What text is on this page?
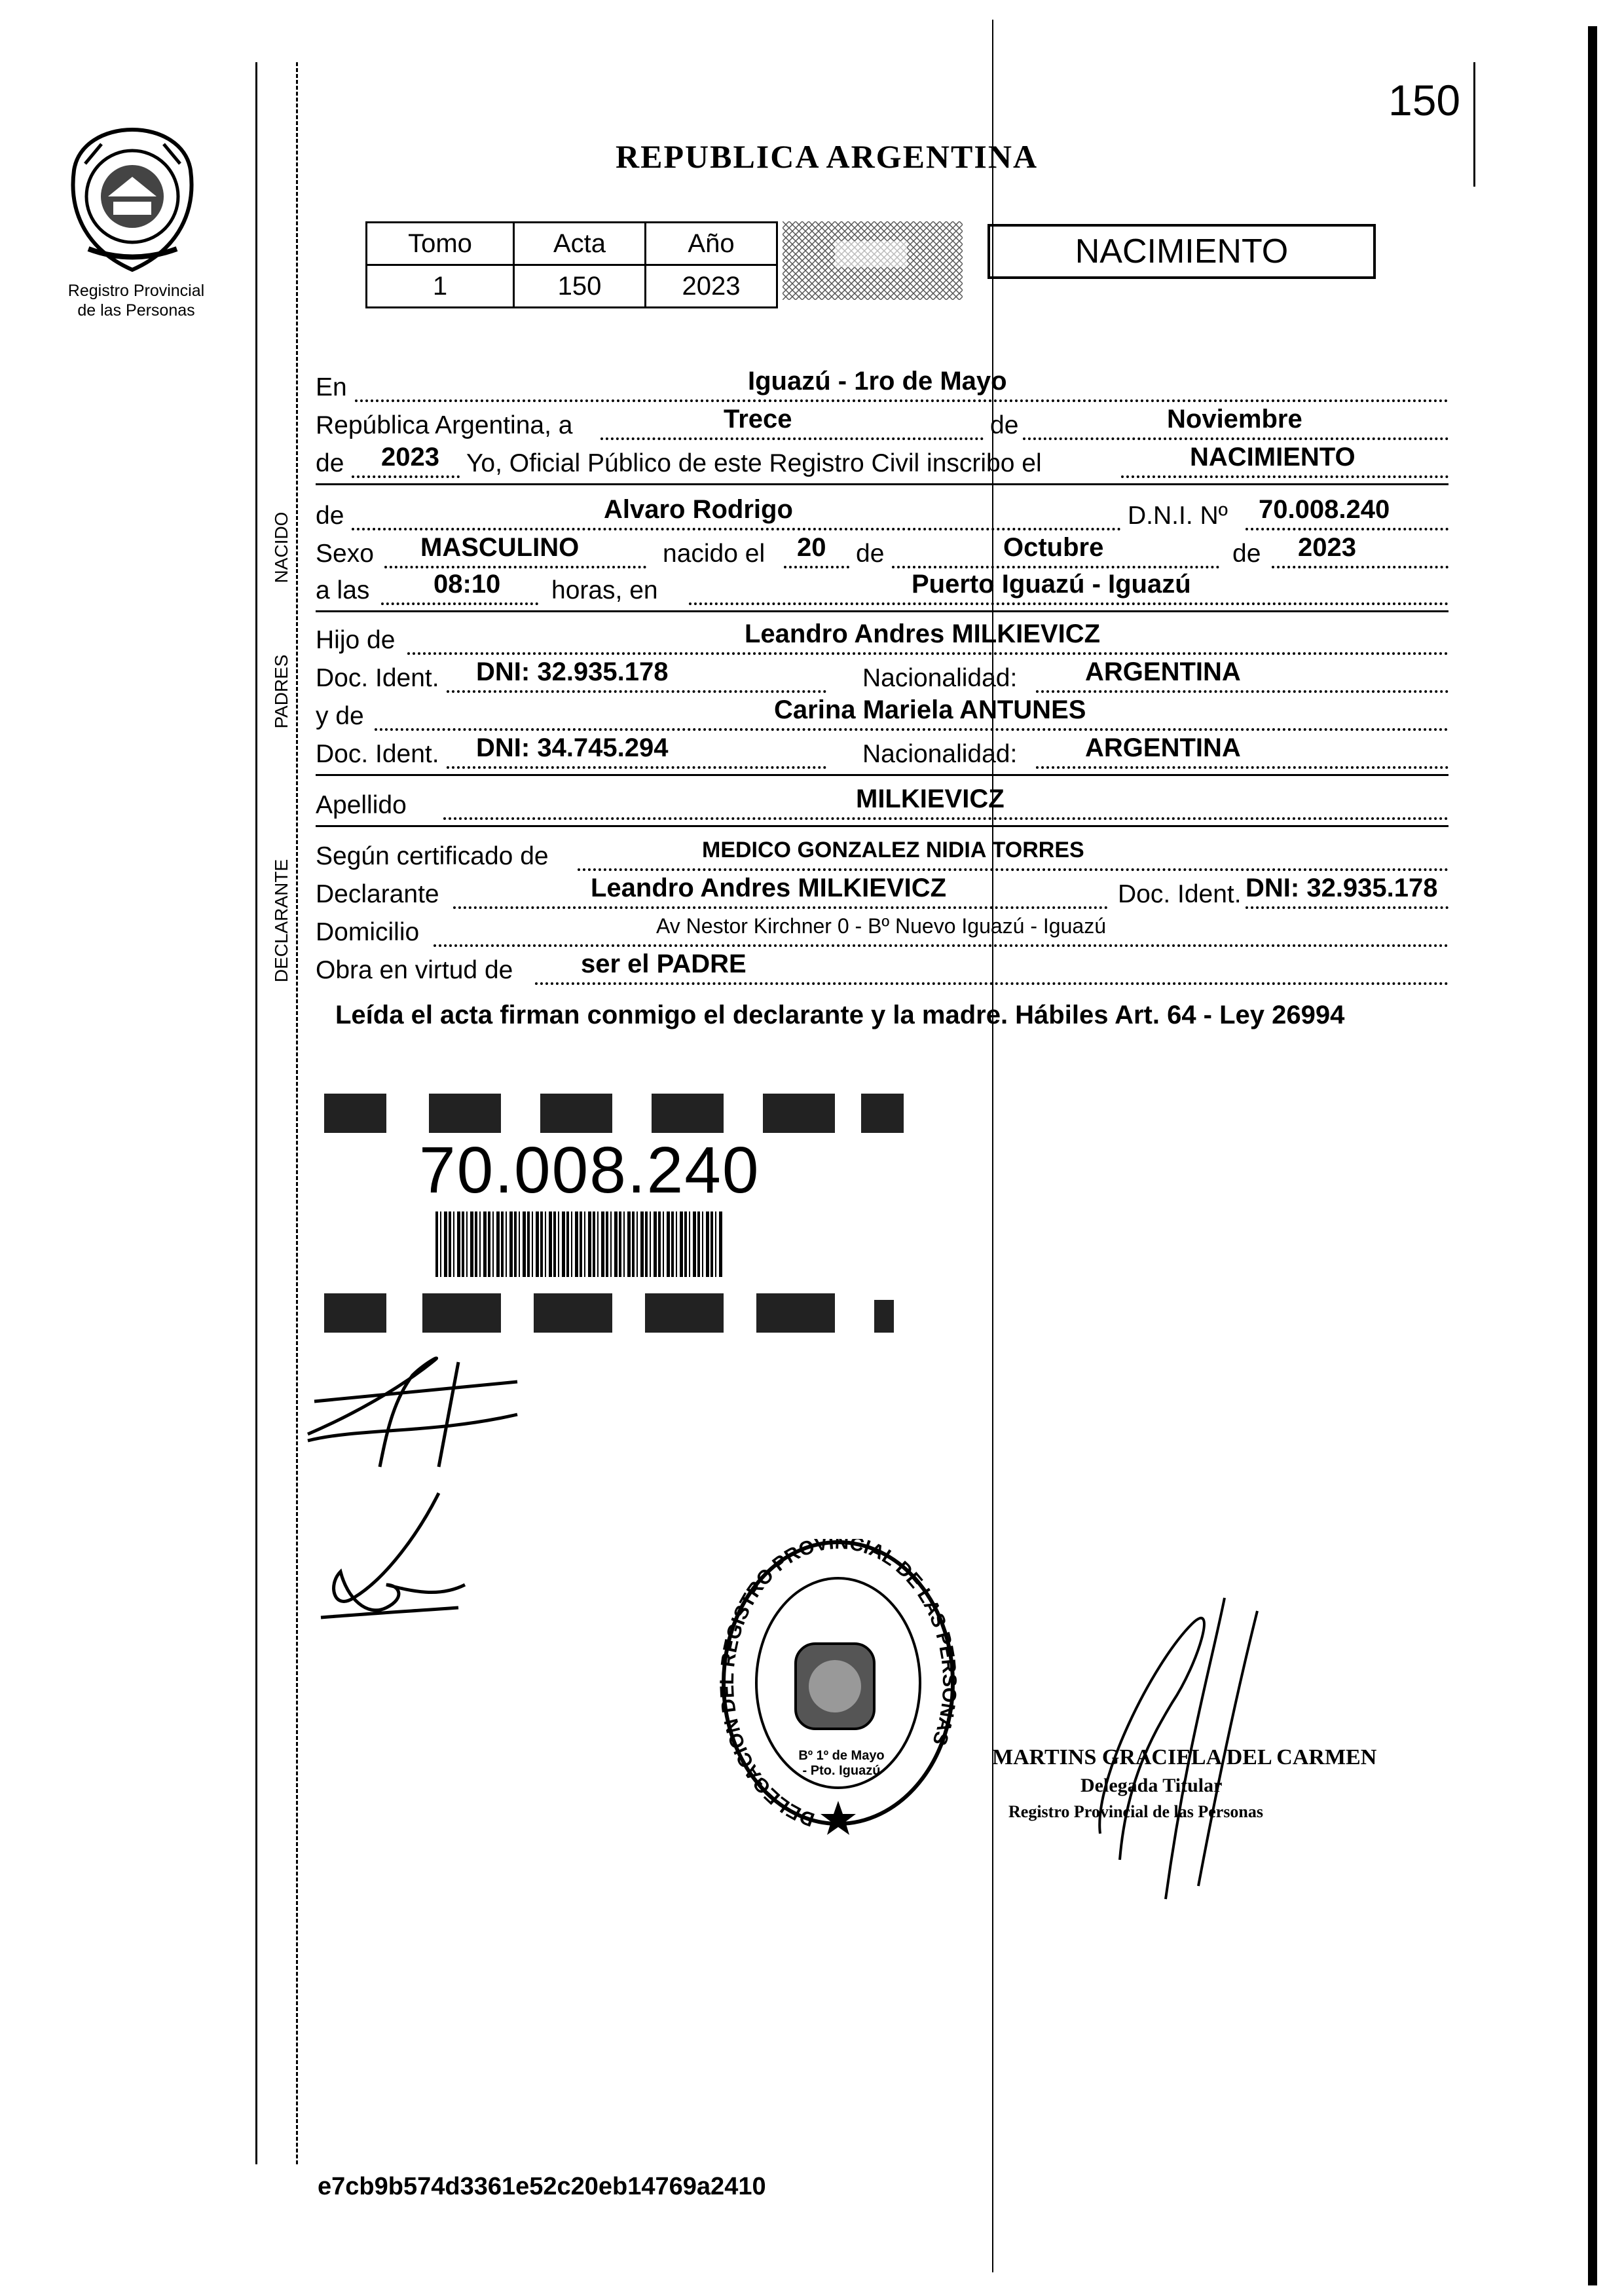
150
Registro Provincial
de las Personas
REPUBLICA ARGENTINA
Tomo	Acta	Año
1	150	2023
NACIMIENTO
En	Iguazú - 1ro de Mayo
República Argentina, a	Trece	de	Noviembre
de 2023 Yo, Oficial Público de este Registro Civil inscribo el	NACIMIENTO
de	Alvaro Rodrigo	D.N.I. Nº 70.008.240
Sexo MASCULINO	nacido el 20 de	Octubre	de 2023
a las 08:10 horas, en	Puerto Iguazú - Iguazú
Hijo de	Leandro Andres MILKIEVICZ
Doc. Ident. DNI: 32.935.178	Nacionalidad:	ARGENTINA
y de	Carina Mariela ANTUNES
Doc. Ident. DNI: 34.745.294	Nacionalidad:	ARGENTINA
Apellido	MILKIEVICZ
Según certificado de	MEDICO GONZALEZ NIDIA TORRES
Declarante	Leandro Andres MILKIEVICZ	Doc. Ident. DNI: 32.935.178
Domicilio	Av Nestor Kirchner 0 - Bº Nuevo Iguazú - Iguazú
Obra en virtud de	ser el PADRE
NACIDO
PADRES
DECLARANTE
Leída el acta firman conmigo el declarante y la madre. Hábiles Art. 64 - Ley 26994
70.008.240
DELEGACION DEL REGISTRO PROVINCIAL DE LAS PERSONAS
Bº 1º de Mayo - Pto. Iguazú
MARTINS GRACIELA DEL CARMEN
Delegada Titular
Registro Provincial de las Personas
e7cb9b574d3361e52c20eb14769a2410
